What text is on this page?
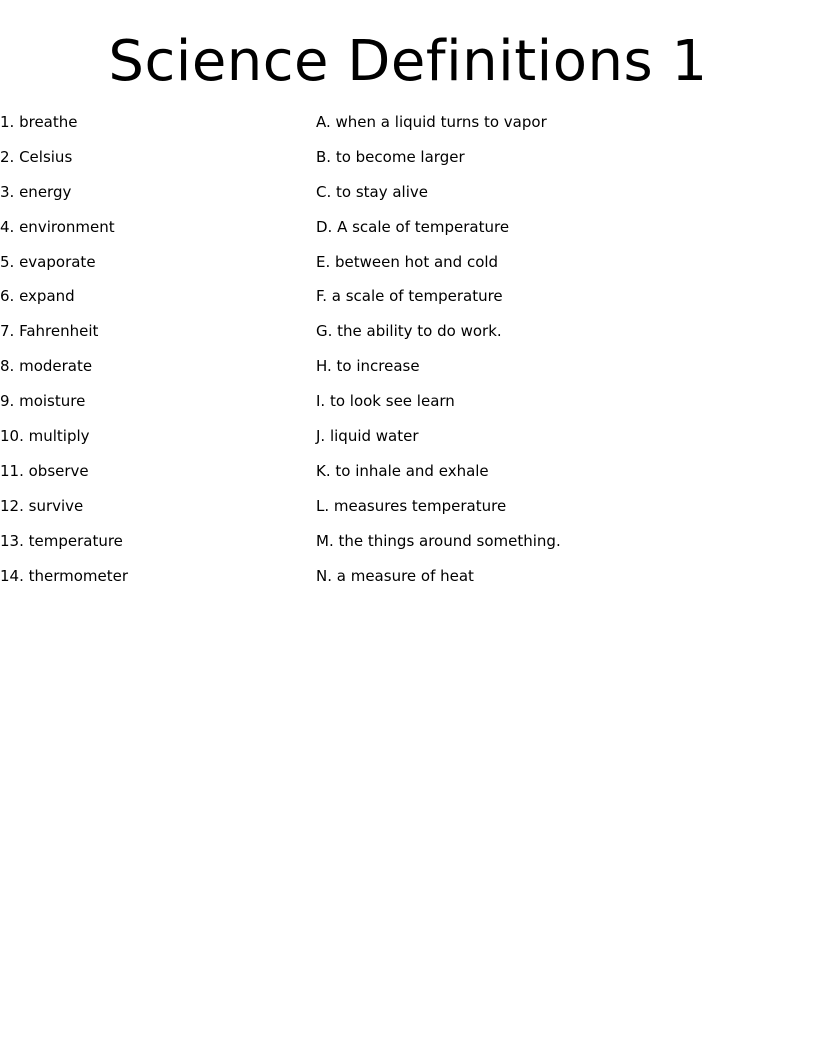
Science Definitions 1
1. breathe
2. Celsius
3. energy
4. environment
5. evaporate
6. expand
7. Fahrenheit
8. moderate
9. moisture
10. multiply
11. observe
12. survive
13. temperature
14. thermometer
A. when a liquid turns to vapor
B. to become larger
C. to stay alive
D. A scale of temperature
E. between hot and cold
F. a scale of temperature
G. the ability to do work.
H. to increase
I. to look see learn
J. liquid water
K. to inhale and exhale
L. measures temperature
M. the things around something.
N. a measure of heat
